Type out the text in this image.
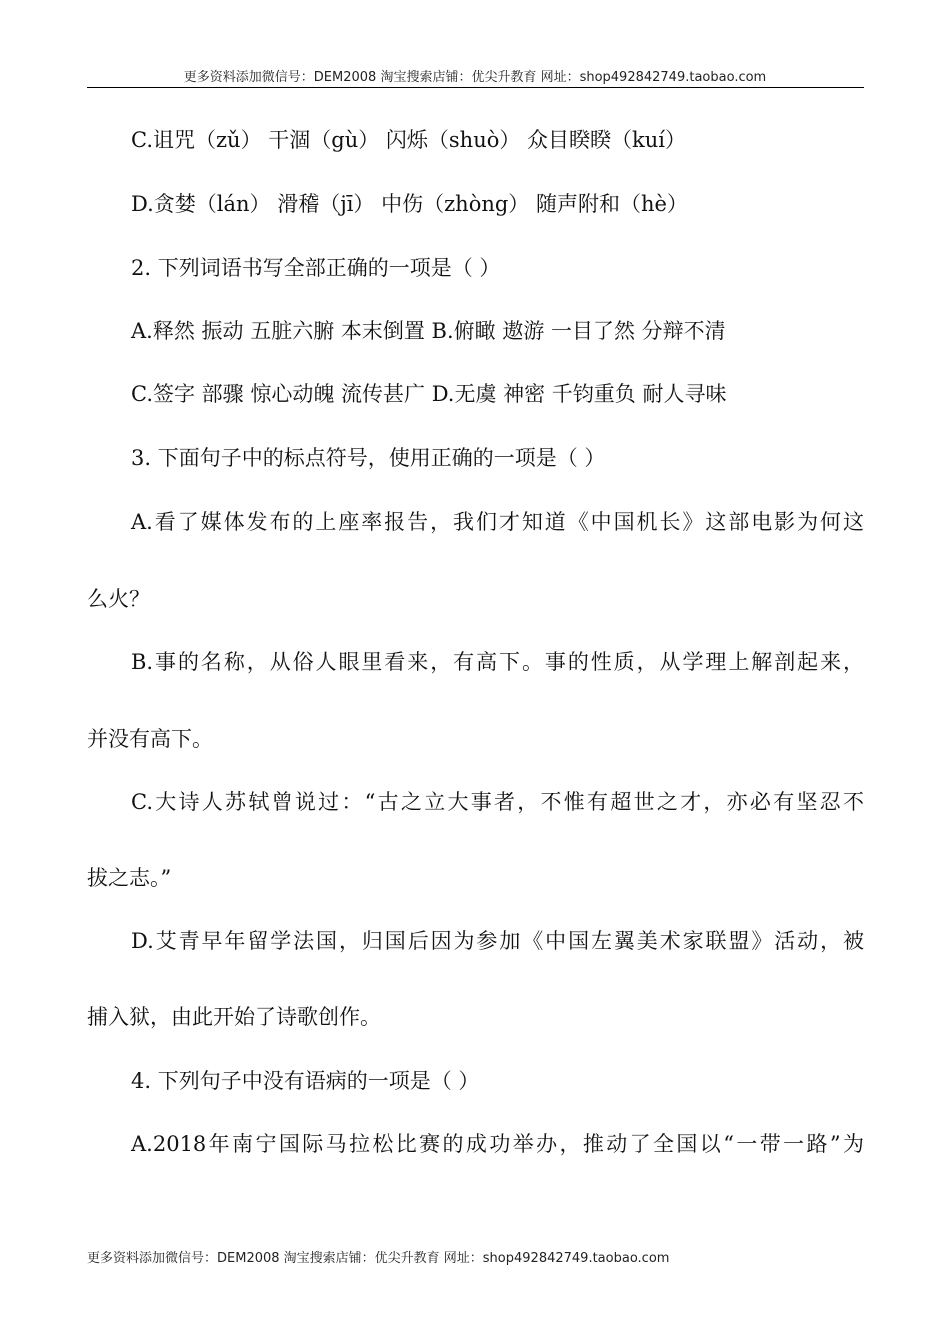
更多资料添加微信号：DEM2008 淘宝搜索店铺：优尖升教育 网址：shop492842749.taobao.com
C.诅咒（zǔ） 干涸（gù） 闪烁（shuò） 众目睽睽（kuí）
D.贪婪（lán） 滑稽（jī） 中伤（zhòng） 随声附和（hè）
2. 下列词语书写全部正确的一项是（ ）
A.释然 振动 五脏六腑 本末倒置 B.俯瞰 遨游 一目了然 分辩不清
C.签字 部骤 惊心动魄 流传甚广 D.无虞 神密 千钧重负 耐人寻味
3. 下面句子中的标点符号，使用正确的一项是（ ）
A.看了媒体发布的上座率报告，我们才知道《中国机长》这部电影为何这
么火？
B.事的名称，从俗人眼里看来，有高下。事的性质，从学理上解剖起来，
并没有高下。
C.大诗人苏轼曾说过：“古之立大事者，不惟有超世之才，亦必有坚忍不
拔之志。”
D.艾青早年留学法国，归国后因为参加《中国左翼美术家联盟》活动，被
捕入狱，由此开始了诗歌创作。
4. 下列句子中没有语病的一项是（ ）
A.2018年南宁国际马拉松比赛的成功举办，推动了全国以“一带一路”为
更多资料添加微信号：DEM2008 淘宝搜索店铺：优尖升教育 网址：shop492842749.taobao.com
